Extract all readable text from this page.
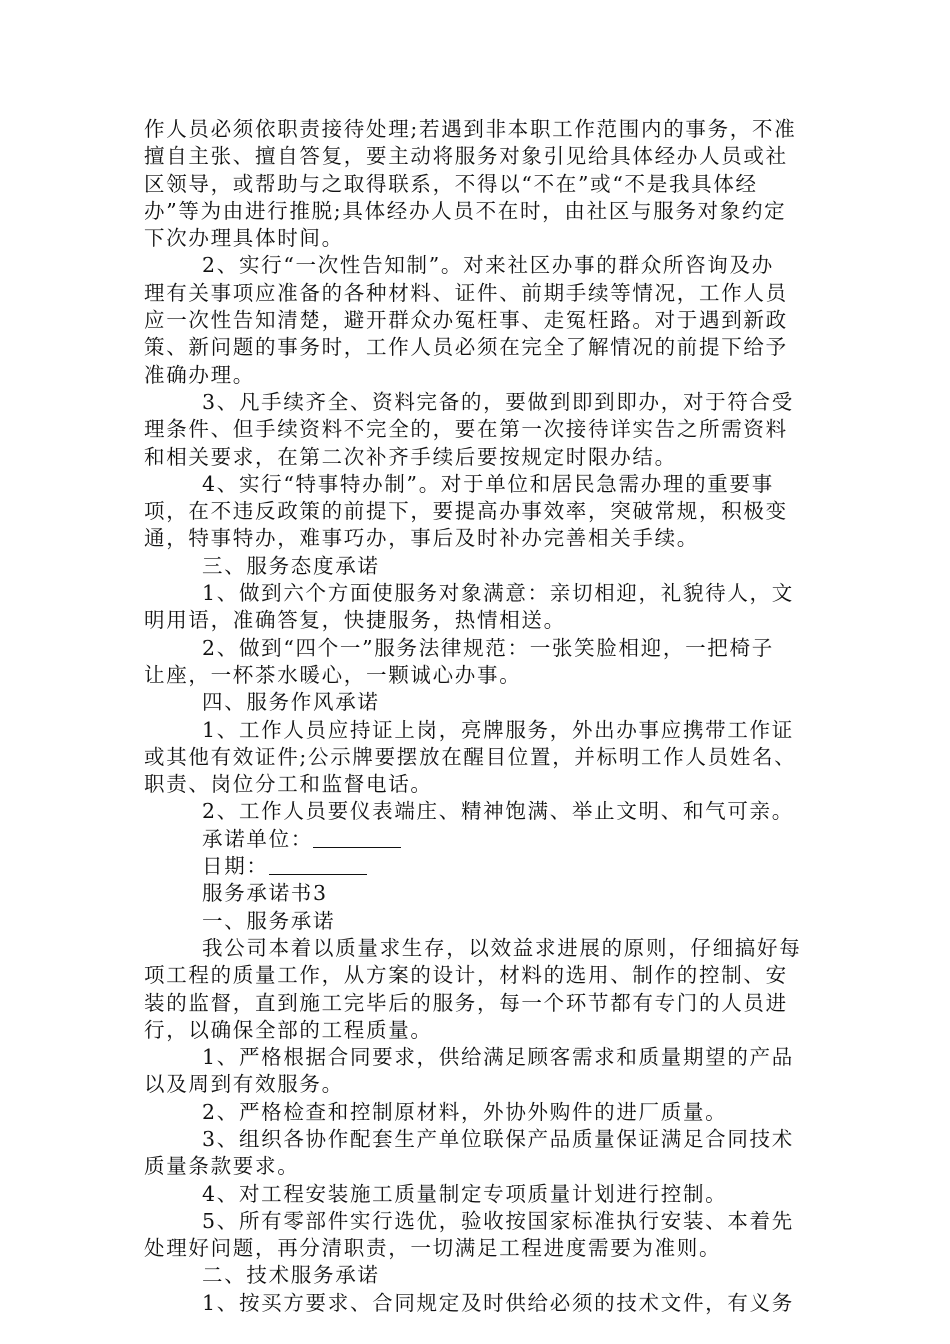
作人员必须依职责接待处理;若遇到非本职工作范围内的事务，不准
擅自主张、擅自答复，要主动将服务对象引见给具体经办人员或社
区领导，或帮助与之取得联系，不得以“不在”或“不是我具体经
办”等为由进行推脱;具体经办人员不在时，由社区与服务对象约定
下次办理具体时间。
2、实行“一次性告知制”。对来社区办事的群众所咨询及办
理有关事项应准备的各种材料、证件、前期手续等情况，工作人员
应一次性告知清楚，避开群众办冤枉事、走冤枉路。对于遇到新政
策、新问题的事务时，工作人员必须在完全了解情况的前提下给予
准确办理。
3、凡手续齐全、资料完备的，要做到即到即办，对于符合受
理条件、但手续资料不完全的，要在第一次接待详实告之所需资料
和相关要求，在第二次补齐手续后要按规定时限办结。
4、实行“特事特办制”。对于单位和居民急需办理的重要事
项，在不违反政策的前提下，要提高办事效率，突破常规，积极变
通，特事特办，难事巧办，事后及时补办完善相关手续。
三、服务态度承诺
1、做到六个方面使服务对象满意：亲切相迎，礼貌待人，文
明用语，准确答复，快捷服务，热情相送。
2、做到“四个一”服务法律规范：一张笑脸相迎，一把椅子
让座，一杯茶水暖心，一颗诚心办事。
四、服务作风承诺
1、工作人员应持证上岗，亮牌服务，外出办事应携带工作证
或其他有效证件;公示牌要摆放在醒目位置，并标明工作人员姓名、
职责、岗位分工和监督电话。
2、工作人员要仪表端庄、精神饱满、举止文明、和气可亲。
承诺单位：
日期：
服务承诺书3
一、服务承诺
我公司本着以质量求生存，以效益求进展的原则，仔细搞好每
项工程的质量工作，从方案的设计，材料的选用、制作的控制、安
装的监督，直到施工完毕后的服务，每一个环节都有专门的人员进
行，以确保全部的工程质量。
1、严格根据合同要求，供给满足顾客需求和质量期望的产品
以及周到有效服务。
2、严格检查和控制原材料，外协外购件的进厂质量。
3、组织各协作配套生产单位联保产品质量保证满足合同技术
质量条款要求。
4、对工程安装施工质量制定专项质量计划进行控制。
5、所有零部件实行选优，验收按国家标准执行安装、本着先
处理好问题，再分清职责，一切满足工程进度需要为准则。
二、技术服务承诺
1、按买方要求、合同规定及时供给必须的技术文件，有义务
